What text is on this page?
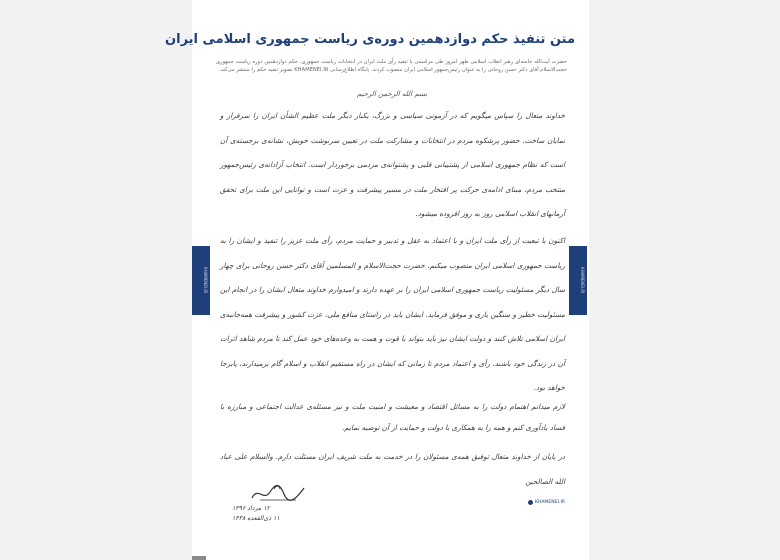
متن تنفیذ حکم دوازدهمین دوره‌ی ریاست جمهوری اسلامی ایران
حضرت آیت‌الله خامنه‌ای رهبر انقلاب اسلامی ظهر امروز طی مراسمی با تنفیذ رأی ملت ایران در انتخابات ریاست جمهوری، حکم دوازدهمین دوره ریاست جمهوری حجت‌الاسلام آقای دکتر حسن روحانی را به عنوان رئیس‌جمهور اسلامی ایران منصوب کردند. پایگاه اطلاع‌رسانی KHAMENEI.IR تصویر تنفیذ حکم را منتشر می‌کند.
بسم الله الرحمن الرحیم
خداوند متعال را سپاس میگویم که در آزمونی سیاسی و بزرگ، یکبار دیگر ملت عظیم الشأن ایران را سرفراز و نمایان ساخت. حضور پرشکوه مردم در انتخابات و مشارکت ملت در تعیین سرنوشت خویش، نشانه‌ی برجسته‌ی آن است که نظام جمهوری اسلامی از پشتیبانی قلبی و پشتوانه‌ی مردمی برخوردار است. انتخاب آزادانه‌ی رئیس‌جمهور منتخب مردم، مبنای ادامه‌ی حرکت پر افتخار ملت در مسیر پیشرفت و عزت است و توانایی این ملت برای تحقق آرمانهای انقلاب اسلامی روز به روز افزوده میشود.
اکنون با تبعیت از رأی ملت ایران و با اعتماد به عقل و تدبیر و حمایت مردم، رأی ملت عزیز را تنفیذ و ایشان را به ریاست جمهوری اسلامی ایران منصوب میکنم. حضرت حجت‌الاسلام و المسلمین آقای دکتر حسن روحانی برای چهار سال دیگر مسئولیت ریاست جمهوری اسلامی ایران را بر عهده دارند و امیدوارم خداوند متعال ایشان را در انجام این مسئولیت خطیر و سنگین یاری و موفق فرماید. ایشان باید در راستای منافع ملی، عزت کشور و پیشرفت همه‌جانبه‌ی ایران اسلامی تلاش کنند و دولت ایشان نیز باید بتواند با قوت و همت به وعده‌های خود عمل کند تا مردم شاهد اثرات آن در زندگی خود باشند. رأی و اعتماد مردم تا زمانی که ایشان در راه مستقیم انقلاب و اسلام گام برمیدارند، پابرجا خواهد بود.
لازم میدانم اهتمام دولت را به مسائل اقتصاد و معیشت و امنیت ملت و نیز مسئله‌ی عدالت اجتماعی و مبارزه با فساد یادآوری کنم و همه را به همکاری با دولت و حمایت از آن توصیه نمایم.
در پایان از خداوند متعال توفیق همه‌ی مسئولان را در خدمت به ملت شریف ایران مسئلت دارم. والسلام علی عباد الله الصالحین
۱۲ مرداد ۱۳۹۶
۱۱ ذی‌القعده ۱۴۳۸
KHAMENEI.IR
KHAMENEI.IR	KHAMENEI.IR
